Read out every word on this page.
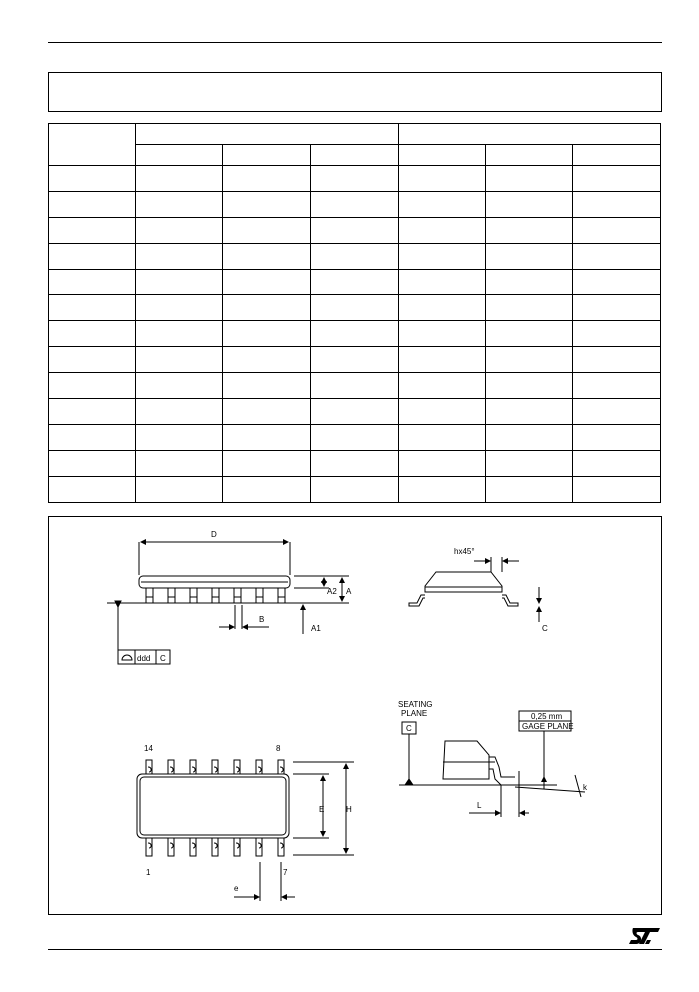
D
A2 A
B
A1
ddd C
hx45°
C
14	8
1	7
E	H
e
SEATING
PLANE
C
0,25 mm
GAGE PLANE
L
k
